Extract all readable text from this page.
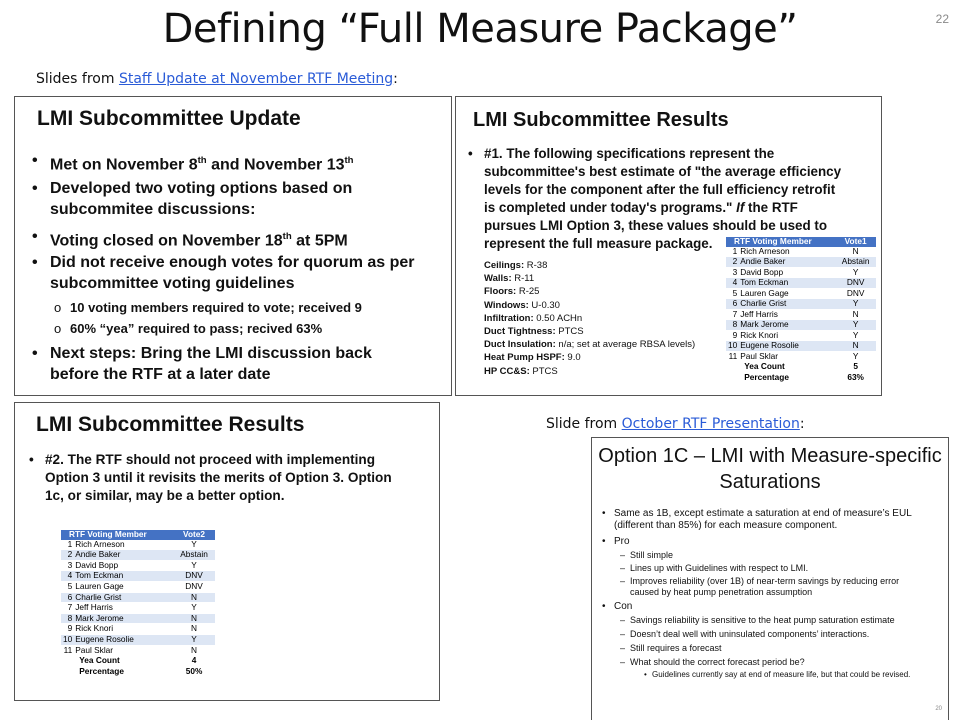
Defining “Full Measure Package”	22
Slides from Staff Update at November RTF Meeting:
LMI Subcommittee Update
• Met on November 8th and November 13th
• Developed two voting options based on
subcommitee discussions:
• Voting closed on November 18th at 5PM
• Did not receive enough votes for quorum as per
subcommittee voting guidelines
o 10 voting members required to vote; received 9
o 60% “yea” required to pass; recived 63%
• Next steps: Bring the LMI discussion back
before the RTF at a later date
LMI Subcommittee Results
• #1. The following specifications represent the
subcommittee's best estimate of "the average efficiency
levels for the component after the full efficiency retrofit
is completed under today's programs." If the RTF
pursues LMI Option 3, these values should be used to
represent the full measure package.
Ceilings: R-38
Walls: R-11
Floors: R-25
Windows: U-0.30
Infiltration: 0.50 ACHn
Duct Tightness: PTCS
Duct Insulation: n/a; set at average RBSA levels)
Heat Pump HSPF: 9.0
HP CC&S: PTCS
RTF Voting Member		Vote1
1	Rich Arneson	N
2	Andie Baker	Abstain
3	David Bopp	Y
4	Tom Eckman	DNV
5	Lauren Gage	DNV
6	Charlie Grist	Y
7	Jeff Harris	N
8	Mark Jerome	Y
9	Rick Knori	Y
10	Eugene Rosolie	N
11	Paul Sklar	Y
	Yea Count	5
	Percentage	63%
LMI Subcommittee Results
• #2. The RTF should not proceed with implementing
Option 3 until it revisits the merits of Option 3. Option
1c, or similar, may be a better option.
RTF Voting Member		Vote2
1	Rich Arneson	Y
2	Andie Baker	Abstain
3	David Bopp	Y
4	Tom Eckman	DNV
5	Lauren Gage	DNV
6	Charlie Grist	N
7	Jeff Harris	Y
8	Mark Jerome	N
9	Rick Knori	N
10	Eugene Rosolie	Y
11	Paul Sklar	N
	Yea Count	4
	Percentage	50%
Slide from October RTF Presentation:
Option 1C – LMI with Measure-specific
Saturations
• Same as 1B, except estimate a saturation at end of measure’s EUL
(different than 85%) for each measure component.
• Pro
– Still simple
– Lines up with Guidelines with respect to LMI.
– Improves reliability (over 1B) of near-term savings by reducing error
caused by heat pump penetration assumption
• Con
– Savings reliability is sensitive to the heat pump saturation estimate
– Doesn’t deal well with uninsulated components’ interactions.
– Still requires a forecast
– What should the correct forecast period be?
• Guidelines currently say at end of measure life, but that could be revised.
20
